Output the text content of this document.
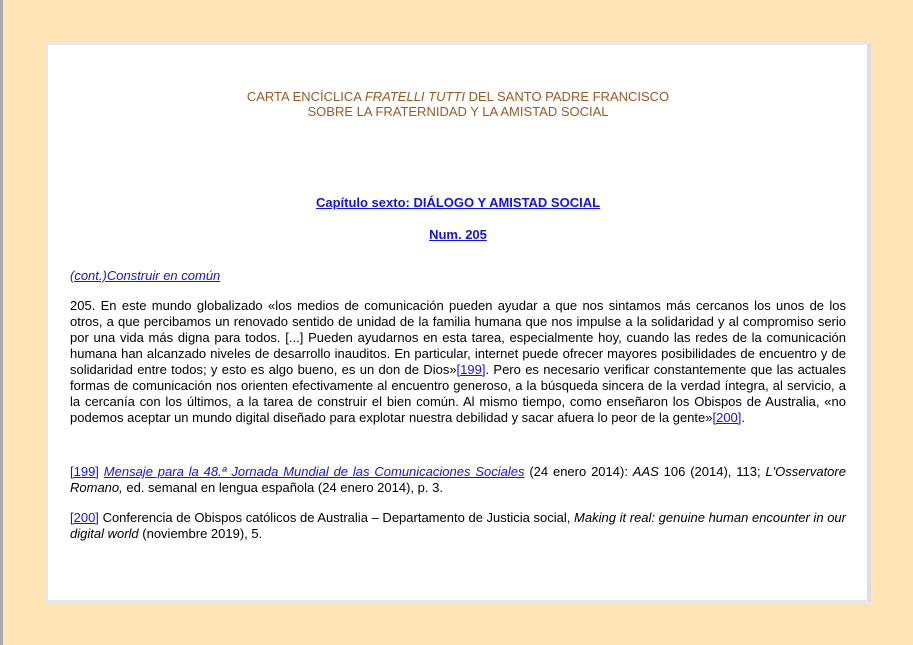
CARTA ENCÍCLICA FRATELLI TUTTI DEL SANTO PADRE FRANCISCO
SOBRE LA FRATERNIDAD Y LA AMISTAD SOCIAL
Capítulo sexto: DIÁLOGO Y AMISTAD SOCIAL
Num. 205
(cont.)Construir en común
205. En este mundo globalizado «los medios de comunicación pueden ayudar a que nos sintamos más cercanos los unos de los otros, a que percibamos un renovado sentido de unidad de la familia humana que nos impulse a la solidaridad y al compromiso serio por una vida más digna para todos. [...] Pueden ayudarnos en esta tarea, especialmente hoy, cuando las redes de la comunicación humana han alcanzado niveles de desarrollo inauditos. En particular, internet puede ofrecer mayores posibilidades de encuentro y de solidaridad entre todos; y esto es algo bueno, es un don de Dios»[199]. Pero es necesario verificar constantemente que las actuales formas de comunicación nos orienten efectivamente al encuentro generoso, a la búsqueda sincera de la verdad íntegra, al servicio, a la cercanía con los últimos, a la tarea de construir el bien común. Al mismo tiempo, como enseñaron los Obispos de Australia, «no podemos aceptar un mundo digital diseñado para explotar nuestra debilidad y sacar afuera lo peor de la gente»[200].
[199] Mensaje para la 48.ª Jornada Mundial de las Comunicaciones Sociales (24 enero 2014): AAS 106 (2014), 113; L'Osservatore Romano, ed. semanal en lengua española (24 enero 2014), p. 3.
[200] Conferencia de Obispos católicos de Australia – Departamento de Justicia social, Making it real: genuine human encounter in our digital world (noviembre 2019), 5.
